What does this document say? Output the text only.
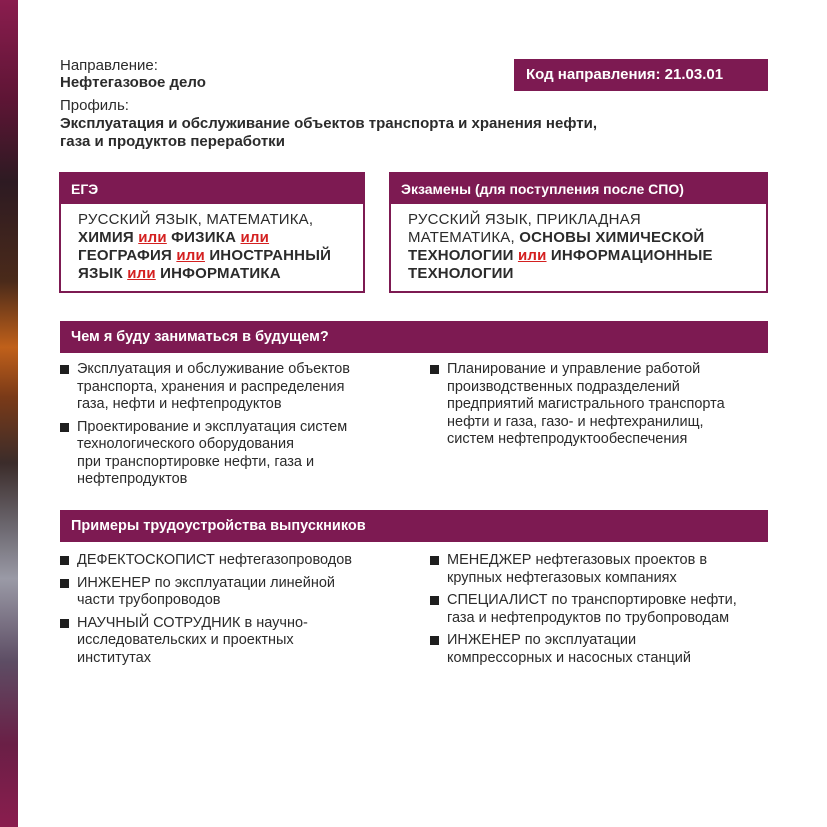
Направление:
Нефтегазовое дело	Код направления: 21.03.01
Профиль:
Эксплуатация и обслуживание объектов транспорта и хранения нефти,
газа и продуктов переработки
ЕГЭ
РУССКИЙ ЯЗЫК, МАТЕМАТИКА,
ХИМИЯ или ФИЗИКА или
ГЕОГРАФИЯ или ИНОСТРАННЫЙ
ЯЗЫК или ИНФОРМАТИКА
Экзамены (для поступления после СПО)
РУССКИЙ ЯЗЫК, ПРИКЛАДНАЯ
МАТЕМАТИКА, ОСНОВЫ ХИМИЧЕСКОЙ
ТЕХНОЛОГИИ или ИНФОРМАЦИОННЫЕ
ТЕХНОЛОГИИ
Чем я буду заниматься в будущем?
Эксплуатация и обслуживание объектов
транспорта, хранения и распределения
газа, нефти и нефтепродуктов
Проектирование и эксплуатация систем
технологического оборудования
при транспортировке нефти, газа и
нефтепродуктов
Планирование и управление работой
производственных подразделений
предприятий магистрального транспорта
нефти и газа, газо- и нефтехранилищ,
систем нефтепродуктообеспечения
Примеры трудоустройства выпускников
ДЕФЕКТОСКОПИСТ нефтегазопроводов
ИНЖЕНЕР по эксплуатации линейной
части трубопроводов
НАУЧНЫЙ СОТРУДНИК в научно-
исследовательских и проектных
институтах
МЕНЕДЖЕР нефтегазовых проектов в
крупных нефтегазовых компаниях
СПЕЦИАЛИСТ по транспортировке нефти,
газа и нефтепродуктов по трубопроводам
ИНЖЕНЕР по эксплуатации
компрессорных и насосных станций
